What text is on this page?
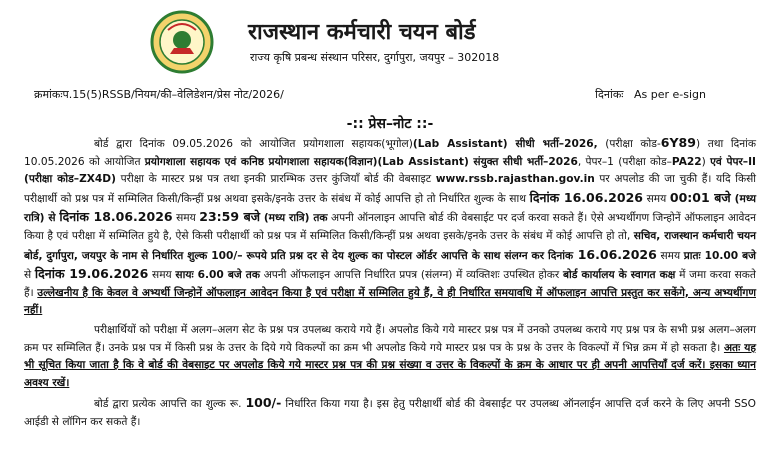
राजस्थान कर्मचारी चयन बोर्ड
राज्य कृषि प्रबन्ध संस्थान परिसर, दुर्गापुरा, जयपुर – 302018
क्रमांकःप.15(5)RSSB/नियम/की–वेलिडेशन/प्रेस नोट/2026/	दिनांकः As per e-sign
-:: प्रेस–नोट ::-

बोर्ड द्वारा दिनांक 09.05.2026 को आयोजित प्रयोगशाला सहायक(भूगोल)(Lab Assistant) सीधी भर्ती–2026, (परीक्षा कोड-6Y89) तथा दिनांक 10.05.2026 को आयोजित प्रयोगशाला सहायक एवं कनिष्ठ प्रयोगशाला सहायक(विज्ञान)(Lab Assistant) संयुक्त सीधी भर्ती–2026, पेपर–1 (परीक्षा कोड–PA22) एवं पेपर–II (परीक्षा कोड–ZX4D) परीक्षा के मास्टर प्रश्न पत्र तथा इनकी प्रारम्भिक उत्तर कुंजियाँ बोर्ड की वेबसाइट www.rssb.rajasthan.gov.in पर अपलोड की जा चुकी हैं। यदि किसी परीक्षार्थी को प्रश्न पत्र में सम्मिलित किसी/किन्हीं प्रश्न अथवा इसके/इनके उत्तर के संबंध में कोई आपत्ति हो तो निर्धारित शुल्क के साथ दिनांक 16.06.2026 समय 00:01 बजे (मध्य रात्रि) से दिनांक 18.06.2026 समय 23:59 बजे (मध्य रात्रि) तक अपनी ऑनलाइन आपत्ति बोर्ड की वेबसाईट पर दर्ज करवा सकते हैं। ऐसे अभ्यर्थीगण जिन्होनें ऑफलाइन आवेदन किया है एवं परीक्षा में सम्मिलित हुये है, ऐसे किसी परीक्षार्थी को प्रश्न पत्र में सम्मिलित किसी/किन्हीं प्रश्न अथवा इसके/इनके उत्तर के संबंध में कोई आपत्ति हो तो, सचिव, राजस्थान कर्मचारी चयन बोर्ड, दुर्गापुरा, जयपुर के नाम से निर्धारित शुल्क 100/– रूपये प्रति प्रश्न दर से देय शुल्क का पोस्टल ऑर्डर आपत्ति के साथ संलग्न कर दिनांक 16.06.2026 समय प्रातः 10.00 बजे से दिनांक 19.06.2026 समय सायः 6.00 बजे तक अपनी ऑफलाइन आपत्ति निर्धारित प्रपत्र (संलग्न) में व्यक्तिशः उपस्थित होकर बोर्ड कार्यालय के स्वागत कक्ष में जमा करवा सकते हैं। उल्लेखनीय है कि केवल वे अभ्यर्थी जिन्होनें ऑफलाइन आवेदन किया है एवं परीक्षा में सम्मिलित हुये हैं, वे ही निर्धारित समयावधि में ऑफलाइन आपत्ति प्रस्तुत कर सकेंगे, अन्य अभ्यर्थीगण नहीं।

परीक्षार्थियों को परीक्षा में अलग–अलग सेट के प्रश्न पत्र उपलब्ध कराये गये हैं। अपलोड किये गये मास्टर प्रश्न पत्र में उनको उपलब्ध कराये गए प्रश्न पत्र के सभी प्रश्न अलग–अलग क्रम पर सम्मिलित हैं। उनके प्रश्न पत्र में किसी प्रश्न के उत्तर के दिये गये विकल्पों का क्रम भी अपलोड किये गये मास्टर प्रश्न पत्र के प्रश्न के उत्तर के विकल्पों में भिन्न क्रम में हो सकता है। अतः यह भी सूचित किया जाता है कि वे बोर्ड की वेबसाइट पर अपलोड किये गये मास्टर प्रश्न पत्र की प्रश्न संख्या व उत्तर के विकल्पों के क्रम के आधार पर ही अपनी आपत्तियाँ दर्ज करें। इसका ध्यान अवश्य रखें।

बोर्ड द्वारा प्रत्येक आपत्ति का शुल्क रू. 100/- निर्धारित किया गया है। इस हेतु परीक्षार्थी बोर्ड की वेबसाईट पर उपलब्ध ऑनलाईन आपत्ति दर्ज करने के लिए अपनी SSO आईडी से लॉगिन कर सकते हैं।
